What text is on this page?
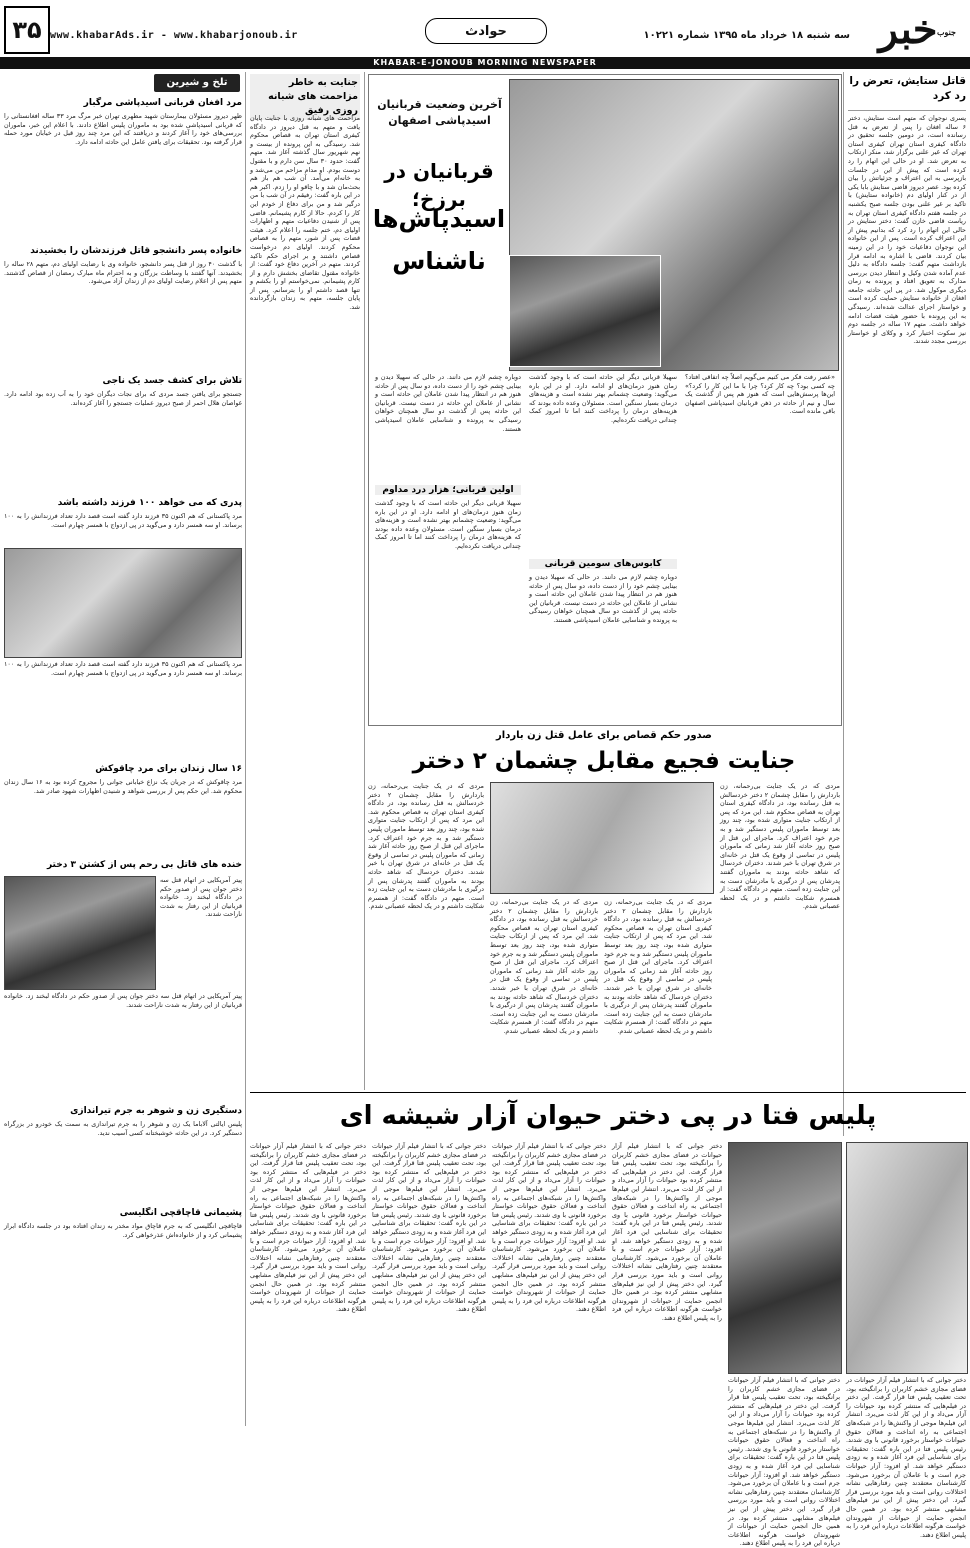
۳۵ www.khabarAds.ir - www.khabarjonoub.ir	حوادث	سه شنبه ۱۸ خرداد ماه ۱۳۹۵ شماره ۱۰۲۲۱ خبر جنوب
KHABAR-E-JONOUB MORNING NEWSPAPER
قاتل ستایش، تعرض را رد کرد
پسری نوجوان که متهم است ستایش، دختر ۶ ساله افغان را پس از تعرض به قتل رسانده است، در دومین جلسه تحقیق در دادگاه کیفری استان تهران کیفری استان تهران که غیر علنی برگزار شد، منکر ارتکاب به تعرض شد. او در حالی این اتهام را رد کرده است که پیش از این در جلسات بازپرسی به این اعتراف و جزئیاتش را بیان کرده بود. عصر دیروز قاضی ستایش بابا یکی از در کنار اولیای دم (خانواده ستایش) با تاکید بر غیر علنی بودن جلسه صبح یکشنبه در جلسه هفتم دادگاه کیفری استان تهران به ریاست قاضی خازن گفت: دختر ستایش در حالی این اتهام را رد کرد که بدانیم پیش از این اعتراف کرده است. پس از این خانواده این نوجوان دفاعیات خود را در این زمینه بیان کردند. قاضی با اشاره به ادامه قرار بازداشت متهم گفت: جلسه دادگاه به دلیل عدم آماده شدن وکیل و انتظار دیدن بررسی مدارک به تعویق افتاد و پرونده به زمان دیگری موکول شد. در پی این حادثه جامعه افغان از خانواده ستایش حمایت کرده است و خواستار اجرای عدالت شده‌اند. رسیدگی به این پرونده با حضور هیئت قضات ادامه خواهد داشت. متهم ۱۷ ساله در جلسه دوم نیز سکوت اختیار کرد و وکلای او خواستار بررسی مجدد شدند.
آخرین وضعیت قربانیان اسیدپاشی اصفهان
قربانیان در برزخ؛
اسیدپاش‌ها
ناشناس
دوباره چشم لازم می دانند. در حالی که سهیلا دیدن و بینایی چشم خود را از دست داده، دو سال پس از حادثه هنوز هم در انتظار پیدا شدن عاملان این حادثه است و نشانی از عاملان این حادثه در دست نیست. قربانیان این حادثه پس از گذشت دو سال همچنان خواهان رسیدگی به پرونده و شناسایی عاملان اسیدپاشی هستند.
اولین قربانی؛ هزار درد مداوم
سهیلا قربانی دیگر این حادثه است که با وجود گذشت زمان هنوز درمان‌های او ادامه دارد. او در این باره می‌گوید: وضعیت چشمانم بهتر نشده است و هزینه‌های درمان بسیار سنگین است. مسئولان وعده داده بودند که هزینه‌های درمان را پرداخت کنند اما تا امروز کمک چندانی دریافت نکرده‌ایم.
سهیلا قربانی دیگر این حادثه است که با وجود گذشت زمان هنوز درمان‌های او ادامه دارد. او در این باره می‌گوید: وضعیت چشمانم بهتر نشده است و هزینه‌های درمان بسیار سنگین است. مسئولان وعده داده بودند که هزینه‌های درمان را پرداخت کنند اما تا امروز کمک چندانی دریافت نکرده‌ایم.
کابوس‌های سومین قربانی
دوباره چشم لازم می دانند. در حالی که سهیلا دیدن و بینایی چشم خود را از دست داده، دو سال پس از حادثه هنوز هم در انتظار پیدا شدن عاملان این حادثه است و نشانی از عاملان این حادثه در دست نیست. قربانیان این حادثه پس از گذشت دو سال همچنان خواهان رسیدگی به پرونده و شناسایی عاملان اسیدپاشی هستند.
«عصر رفت فکر می کنیم می‌گویم اصلاً چه اتفاقی افتاد؟ چه کسی بود؟ چه کار کرد؟ چرا با ما این کار را کرد؟» این‌ها پرسش‌هایی است که هنوز هم پس از گذشت یک سال و نیم از حادثه در ذهن قربانیان اسیدپاشی اصفهان باقی مانده است.
صدور حکم قصاص برای عامل قتل زن باردار
جنایت فجیع مقابل چشمان ۲ دختر
مردی که در یک جنایت بی‌رحمانه، زن باردارش را مقابل چشمان ۲ دختر خردسالش به قتل رسانده بود، در دادگاه کیفری استان تهران به قصاص محکوم شد. این مرد که پس از ارتکاب جنایت متواری شده بود، چند روز بعد توسط ماموران پلیس دستگیر شد و به جرم خود اعتراف کرد. ماجرای این قتل از صبح روز حادثه آغاز شد زمانی که ماموران پلیس در تماسی از وقوع یک قتل در خانه‌ای در شرق تهران با خبر شدند. دختران خردسال که شاهد حادثه بودند به ماموران گفتند پدرشان پس از درگیری با مادرشان دست به این جنایت زده است. متهم در دادگاه گفت: از همسرم شکایت داشتم و در یک لحظه عصبانی شدم.
مردی که در یک جنایت بی‌رحمانه، زن باردارش را مقابل چشمان ۲ دختر خردسالش به قتل رسانده بود، در دادگاه کیفری استان تهران به قصاص محکوم شد. این مرد که پس از ارتکاب جنایت متواری شده بود، چند روز بعد توسط ماموران پلیس دستگیر شد و به جرم خود اعتراف کرد. ماجرای این قتل از صبح روز حادثه آغاز شد زمانی که ماموران پلیس در تماسی از وقوع یک قتل در خانه‌ای در شرق تهران با خبر شدند. دختران خردسال که شاهد حادثه بودند به ماموران گفتند پدرشان پس از درگیری با مادرشان دست به این جنایت زده است. متهم در دادگاه گفت: از همسرم شکایت داشتم و در یک لحظه عصبانی شدم.
مردی که در یک جنایت بی‌رحمانه، زن باردارش را مقابل چشمان ۲ دختر خردسالش به قتل رسانده بود، در دادگاه کیفری استان تهران به قصاص محکوم شد. این مرد که پس از ارتکاب جنایت متواری شده بود، چند روز بعد توسط ماموران پلیس دستگیر شد و به جرم خود اعتراف کرد. ماجرای این قتل از صبح روز حادثه آغاز شد زمانی که ماموران پلیس در تماسی از وقوع یک قتل در خانه‌ای در شرق تهران با خبر شدند. دختران خردسال که شاهد حادثه بودند به ماموران گفتند پدرشان پس از درگیری با مادرشان دست به این جنایت زده است. متهم در دادگاه گفت: از همسرم شکایت داشتم و در یک لحظه عصبانی شدم.
مردی که در یک جنایت بی‌رحمانه، زن باردارش را مقابل چشمان ۲ دختر خردسالش به قتل رسانده بود، در دادگاه کیفری استان تهران به قصاص محکوم شد. این مرد که پس از ارتکاب جنایت متواری شده بود، چند روز بعد توسط ماموران پلیس دستگیر شد و به جرم خود اعتراف کرد. ماجرای این قتل از صبح روز حادثه آغاز شد زمانی که ماموران پلیس در تماسی از وقوع یک قتل در خانه‌ای در شرق تهران با خبر شدند. دختران خردسال که شاهد حادثه بودند به ماموران گفتند پدرشان پس از درگیری با مادرشان دست به این جنایت زده است. متهم در دادگاه گفت: از همسرم شکایت داشتم و در یک لحظه عصبانی شدم.
جنایت به خاطر مزاحمت های شبانه روزی رفیق
مزاحمت های شبانه روزی با جنایت پایان یافت و متهم به قتل دیروز در دادگاه کیفری استان تهران به قصاص محکوم شد. رسیدگی به این پرونده از بیست و نهم شهریور سال گذشته آغاز شد. متهم گفت: حدود ۳۰ سال سن دارم و با مقتول دوست بودم. او مدام مزاحم من می‌شد و به خانه‌ام می‌آمد. آن شب هم باز هم بحث‌مان شد و با چاقو او را زدم. اکبر هم در این باره گفت: رفیقم در آن شب با من درگیر شد و من برای دفاع از خودم این کار را کردم. حالا از کارم پشیمانم. قاضی پس از شنیدن دفاعیات متهم و اظهارات اولیای دم، ختم جلسه را اعلام کرد. هیئت قضات پس از شور، متهم را به قصاص محکوم کردند. اولیای دم درخواست قصاص داشتند و بر اجرای حکم تاکید کردند. متهم در آخرین دفاع خود گفت: از خانواده مقتول تقاضای بخشش دارم و از کارم پشیمانم. نمی‌خواستم او را بکشم و تنها قصد داشتم او را بترسانم. پس از پایان جلسه، متهم به زندان بازگردانده شد.
تلخ و شیرین
مرد افغان قربانی اسیدپاشی مرگبار
ظهر دیروز مسئولان بیمارستان شهید مطهری تهران خبر مرگ مرد ۳۳ ساله افغانستانی را که قربانی اسیدپاشی شده بود به ماموران پلیس اطلاع دادند. با اعلام این خبر، ماموران بررسی‌های خود را آغاز کردند و دریافتند که این مرد چند روز قبل در خیابان مورد حمله قرار گرفته بود. تحقیقات برای یافتن عامل این حادثه ادامه دارد.
خانواده پسر دانشجو قاتل فرزندشان را بخشیدند
با گذشت ۴۰ روز از قتل پسر دانشجو، خانواده وی با رضایت اولیای دم، متهم ۲۸ ساله را بخشیدند. آنها گفتند با وساطت بزرگان و به احترام ماه مبارک رمضان از قصاص گذشتند. متهم پس از اعلام رضایت اولیای دم از زندان آزاد می‌شود.
تلاش برای کشف جسد یک ناجی
جستجو برای یافتن جسد مردی که برای نجات دیگران خود را به آب زده بود ادامه دارد. غواصان هلال احمر از صبح دیروز عملیات جستجو را آغاز کرده‌اند.
پدری که می خواهد ۱۰۰ فرزند داشته باشد
مرد پاکستانی که هم اکنون ۳۵ فرزند دارد گفته است قصد دارد تعداد فرزندانش را به ۱۰۰ برساند. او سه همسر دارد و می‌گوید در پی ازدواج با همسر چهارم است.
مرد پاکستانی که هم اکنون ۳۵ فرزند دارد گفته است قصد دارد تعداد فرزندانش را به ۱۰۰ برساند. او سه همسر دارد و می‌گوید در پی ازدواج با همسر چهارم است.
۱۶ سال زندان برای مرد چاقوکش
مرد چاقوکش که در جریان یک نزاع خیابانی جوانی را مجروح کرده بود به ۱۶ سال زندان محکوم شد. این حکم پس از بررسی شواهد و شنیدن اظهارات شهود صادر شد.
خنده های قاتل بی رحم پس از کشتن ۳ دختر
پیتر آمریکایی در اتهام قتل سه دختر جوان پس از صدور حکم در دادگاه لبخند زد. خانواده قربانیان از این رفتار به شدت ناراحت شدند.
پیتر آمریکایی در اتهام قتل سه دختر جوان پس از صدور حکم در دادگاه لبخند زد. خانواده قربانیان از این رفتار به شدت ناراحت شدند.
دستگیری زن و شوهر به جرم تیراندازی
پلیس ایالتی آلاباما یک زن و شوهر را به جرم تیراندازی به سمت یک خودرو در بزرگراه دستگیر کرد. در این حادثه خوشبختانه کسی آسیب ندید.
پشیمانی قاچاقچی انگلیسی
قاچاقچی انگلیسی که به جرم قاچاق مواد مخدر به زندان افتاده بود در جلسه دادگاه ابراز پشیمانی کرد و از خانواده‌اش عذرخواهی کرد.
پلیس فتا در پی دختر حیوان آزار شیشه ای
دختر جوانی که با انتشار فیلم آزار حیوانات در فضای مجازی خشم کاربران را برانگیخته بود، تحت تعقیب پلیس فتا قرار گرفت. این دختر در فیلم‌هایی که منتشر کرده بود حیوانات را آزار می‌داد و از این کار لذت می‌برد. انتشار این فیلم‌ها موجی از واکنش‌ها را در شبکه‌های اجتماعی به راه انداخت و فعالان حقوق حیوانات خواستار برخورد قانونی با وی شدند. رئیس پلیس فتا در این باره گفت: تحقیقات برای شناسایی این فرد آغاز شده و به زودی دستگیر خواهد شد. او افزود: آزار حیوانات جرم است و با عاملان آن برخورد می‌شود. کارشناسان معتقدند چنین رفتارهایی نشانه اختلالات روانی است و باید مورد بررسی قرار گیرد. این دختر پیش از این نیز فیلم‌های مشابهی منتشر کرده بود. در همین حال انجمن حمایت از حیوانات از شهروندان خواست هرگونه اطلاعات درباره این فرد را به پلیس اطلاع دهند.
دختر جوانی که با انتشار فیلم آزار حیوانات در فضای مجازی خشم کاربران را برانگیخته بود، تحت تعقیب پلیس فتا قرار گرفت. این دختر در فیلم‌هایی که منتشر کرده بود حیوانات را آزار می‌داد و از این کار لذت می‌برد. انتشار این فیلم‌ها موجی از واکنش‌ها را در شبکه‌های اجتماعی به راه انداخت و فعالان حقوق حیوانات خواستار برخورد قانونی با وی شدند. رئیس پلیس فتا در این باره گفت: تحقیقات برای شناسایی این فرد آغاز شده و به زودی دستگیر خواهد شد. او افزود: آزار حیوانات جرم است و با عاملان آن برخورد می‌شود. کارشناسان معتقدند چنین رفتارهایی نشانه اختلالات روانی است و باید مورد بررسی قرار گیرد. این دختر پیش از این نیز فیلم‌های مشابهی منتشر کرده بود. در همین حال انجمن حمایت از حیوانات از شهروندان خواست هرگونه اطلاعات درباره این فرد را به پلیس اطلاع دهند.
دختر جوانی که با انتشار فیلم آزار حیوانات در فضای مجازی خشم کاربران را برانگیخته بود، تحت تعقیب پلیس فتا قرار گرفت. این دختر در فیلم‌هایی که منتشر کرده بود حیوانات را آزار می‌داد و از این کار لذت می‌برد. انتشار این فیلم‌ها موجی از واکنش‌ها را در شبکه‌های اجتماعی به راه انداخت و فعالان حقوق حیوانات خواستار برخورد قانونی با وی شدند. رئیس پلیس فتا در این باره گفت: تحقیقات برای شناسایی این فرد آغاز شده و به زودی دستگیر خواهد شد. او افزود: آزار حیوانات جرم است و با عاملان آن برخورد می‌شود. کارشناسان معتقدند چنین رفتارهایی نشانه اختلالات روانی است و باید مورد بررسی قرار گیرد. این دختر پیش از این نیز فیلم‌های مشابهی منتشر کرده بود. در همین حال انجمن حمایت از حیوانات از شهروندان خواست هرگونه اطلاعات درباره این فرد را به پلیس اطلاع دهند.
دختر جوانی که با انتشار فیلم آزار حیوانات در فضای مجازی خشم کاربران را برانگیخته بود، تحت تعقیب پلیس فتا قرار گرفت. این دختر در فیلم‌هایی که منتشر کرده بود حیوانات را آزار می‌داد و از این کار لذت می‌برد. انتشار این فیلم‌ها موجی از واکنش‌ها را در شبکه‌های اجتماعی به راه انداخت و فعالان حقوق حیوانات خواستار برخورد قانونی با وی شدند. رئیس پلیس فتا در این باره گفت: تحقیقات برای شناسایی این فرد آغاز شده و به زودی دستگیر خواهد شد. او افزود: آزار حیوانات جرم است و با عاملان آن برخورد می‌شود. کارشناسان معتقدند چنین رفتارهایی نشانه اختلالات روانی است و باید مورد بررسی قرار گیرد. این دختر پیش از این نیز فیلم‌های مشابهی منتشر کرده بود. در همین حال انجمن حمایت از حیوانات از شهروندان خواست هرگونه اطلاعات درباره این فرد را به پلیس اطلاع دهند.
دختر جوانی که با انتشار فیلم آزار حیوانات در فضای مجازی خشم کاربران را برانگیخته بود، تحت تعقیب پلیس فتا قرار گرفت. این دختر در فیلم‌هایی که منتشر کرده بود حیوانات را آزار می‌داد و از این کار لذت می‌برد. انتشار این فیلم‌ها موجی از واکنش‌ها را در شبکه‌های اجتماعی به راه انداخت و فعالان حقوق حیوانات خواستار برخورد قانونی با وی شدند. رئیس پلیس فتا در این باره گفت: تحقیقات برای شناسایی این فرد آغاز شده و به زودی دستگیر خواهد شد. او افزود: آزار حیوانات جرم است و با عاملان آن برخورد می‌شود. کارشناسان معتقدند چنین رفتارهایی نشانه اختلالات روانی است و باید مورد بررسی قرار گیرد. این دختر پیش از این نیز فیلم‌های مشابهی منتشر کرده بود. در همین حال انجمن حمایت از حیوانات از شهروندان خواست هرگونه اطلاعات درباره این فرد را به پلیس اطلاع دهند.
دختر جوانی که با انتشار فیلم آزار حیوانات در فضای مجازی خشم کاربران را برانگیخته بود، تحت تعقیب پلیس فتا قرار گرفت. این دختر در فیلم‌هایی که منتشر کرده بود حیوانات را آزار می‌داد و از این کار لذت می‌برد. انتشار این فیلم‌ها موجی از واکنش‌ها را در شبکه‌های اجتماعی به راه انداخت و فعالان حقوق حیوانات خواستار برخورد قانونی با وی شدند. رئیس پلیس فتا در این باره گفت: تحقیقات برای شناسایی این فرد آغاز شده و به زودی دستگیر خواهد شد. او افزود: آزار حیوانات جرم است و با عاملان آن برخورد می‌شود. کارشناسان معتقدند چنین رفتارهایی نشانه اختلالات روانی است و باید مورد بررسی قرار گیرد. این دختر پیش از این نیز فیلم‌های مشابهی منتشر کرده بود. در همین حال انجمن حمایت از حیوانات از شهروندان خواست هرگونه اطلاعات درباره این فرد را به پلیس اطلاع دهند.
